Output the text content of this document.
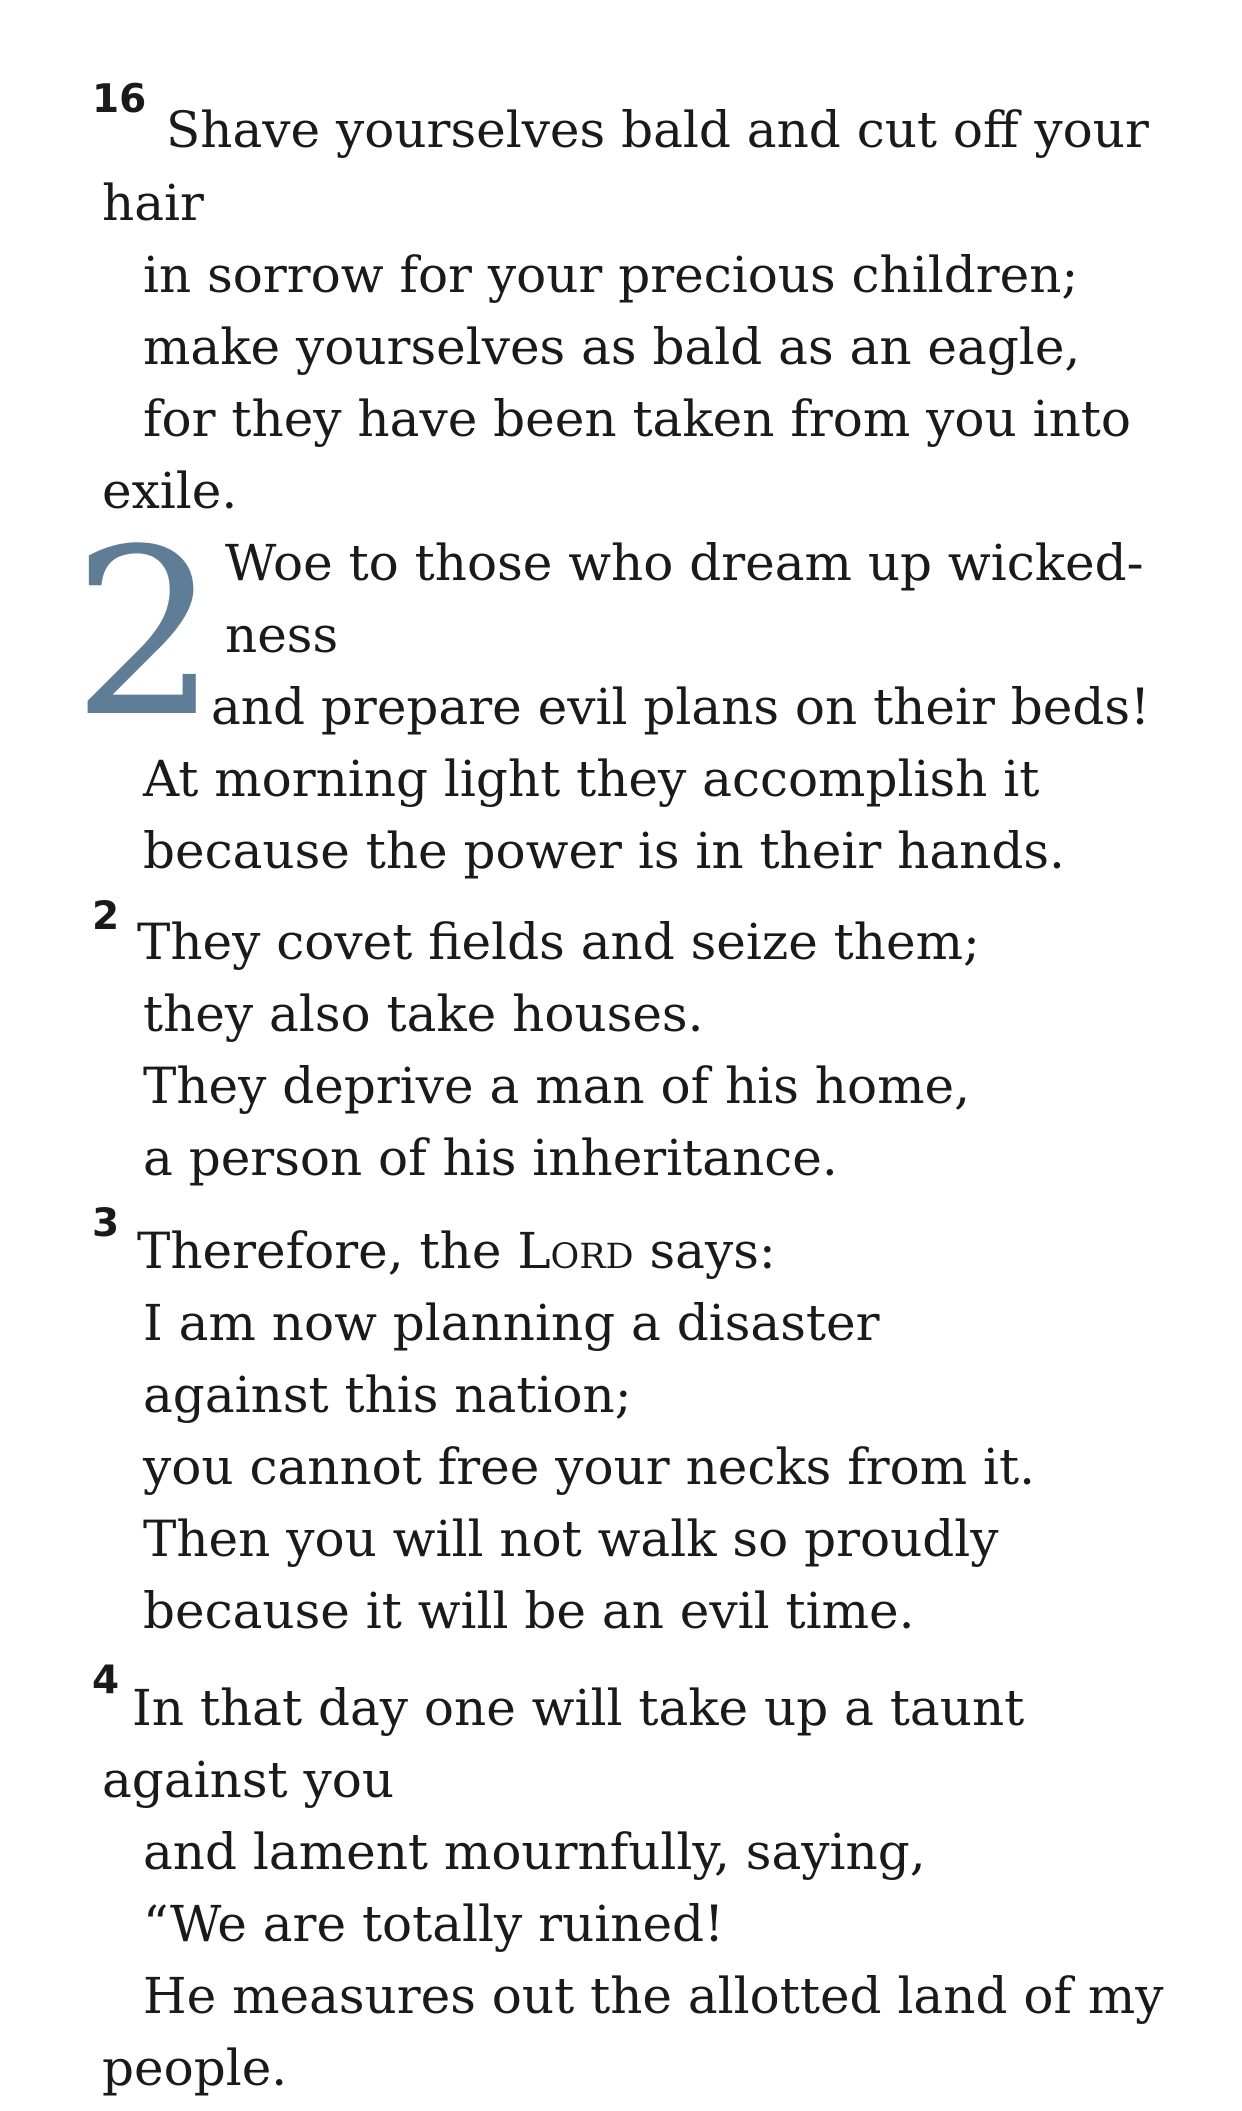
16
Shave yourselves bald and cut off your
hair
in sorrow for your precious children;
make yourselves as bald as an eagle,
for they have been taken from you into
exile.
2 Woe to those who dream up wicked-
ness
and prepare evil plans on their beds!
At morning light they accomplish it
because the power is in their hands.
2 They covet fields and seize them;
they also take houses.
They deprive a man of his home,
a person of his inheritance.
3 Therefore, the Lord says:
I am now planning a disaster
against this nation;
you cannot free your necks from it.
Then you will not walk so proudly
because it will be an evil time.
4 In that day one will take up a taunt
against you
and lament mournfully, saying,
“We are totally ruined!
He measures out the allotted land of my
people.
